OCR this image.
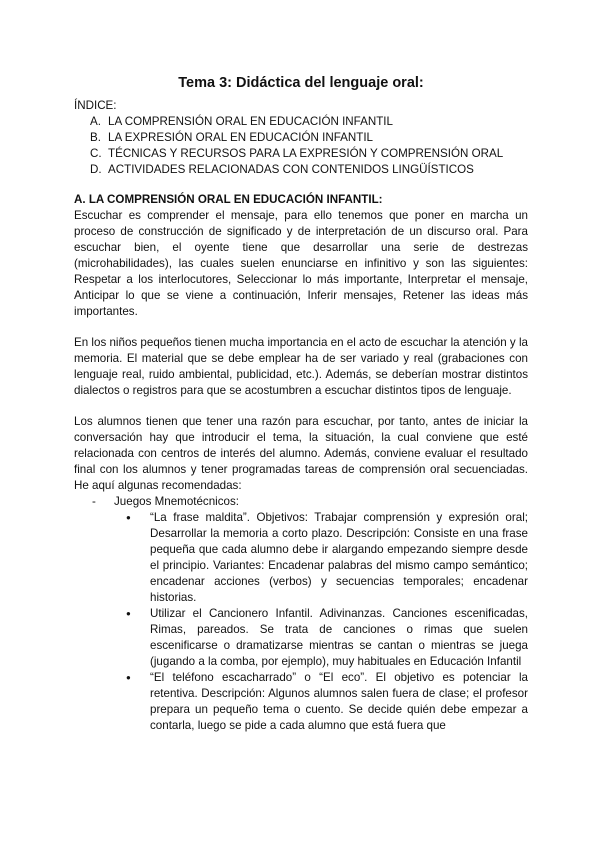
Tema 3: Didáctica del lenguaje oral:

ÍNDICE:

A. LA COMPRENSIÓN ORAL EN EDUCACIÓN INFANTIL
B. LA EXPRESIÓN ORAL EN EDUCACIÓN INFANTIL
C. TÉCNICAS Y RECURSOS PARA LA EXPRESIÓN Y COMPRENSIÓN ORAL
D. ACTIVIDADES RELACIONADAS CON CONTENIDOS LINGÜÍSTICOS
A. LA COMPRENSIÓN ORAL EN EDUCACIÓN INFANTIL:

Escuchar es comprender el mensaje, para ello tenemos que poner en marcha un proceso de construcción de significado y de interpretación de un discurso oral. Para escuchar bien, el oyente tiene que desarrollar una serie de destrezas (microhabilidades), las cuales suelen enunciarse en infinitivo y son las siguientes: Respetar a los interlocutores, Seleccionar lo más importante, Interpretar el mensaje, Anticipar lo que se viene a continuación, Inferir mensajes, Retener las ideas más importantes.

En los niños pequeños tienen mucha importancia en el acto de escuchar la atención y la memoria. El material que se debe emplear ha de ser variado y real (grabaciones con lenguaje real, ruido ambiental, publicidad, etc.). Además, se deberían mostrar distintos dialectos o registros para que se acostumbren a escuchar distintos tipos de lenguaje.

Los alumnos tienen que tener una razón para escuchar, por tanto, antes de iniciar la conversación hay que introducir el tema, la situación, la cual conviene que esté relacionada con centros de interés del alumno. Además, conviene evaluar el resultado final con los alumnos y tener programadas tareas de comprensión oral secuenciadas. He aquí algunas recomendadas:

-	Juegos Mnemotécnicos:
●	“La frase maldita”. Objetivos: Trabajar comprensión y expresión oral; Desarrollar la memoria a corto plazo. Descripción: Consiste en una frase pequeña que cada alumno debe ir alargando empezando siempre desde el principio. Variantes: Encadenar palabras del mismo campo semántico; encadenar acciones (verbos) y secuencias temporales; encadenar historias.
●	Utilizar el Cancionero Infantil. Adivinanzas. Canciones escenificadas, Rimas, pareados. Se trata de canciones o rimas que suelen escenificarse o dramatizarse mientras se cantan o mientras se juega (jugando a la comba, por ejemplo), muy habituales en Educación Infantil
●	“El teléfono escacharrado” o “El eco”. El objetivo es potenciar la retentiva. Descripción: Algunos alumnos salen fuera de clase; el profesor prepara un pequeño tema o cuento. Se decide quién debe empezar a contarla, luego se pide a cada alumno que está fuera que
